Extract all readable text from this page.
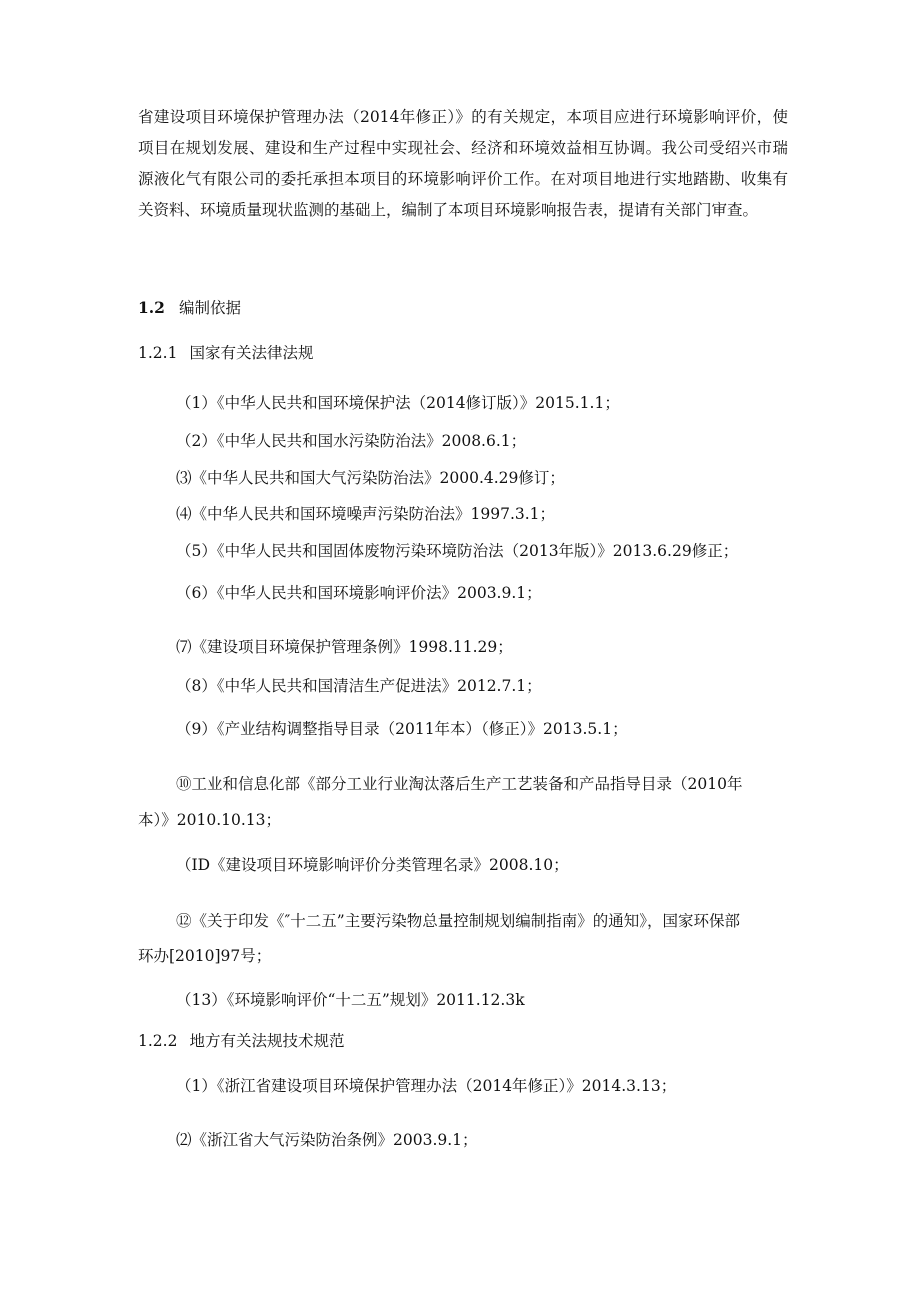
省建设项目环境保护管理办法（2014年修正）》的有关规定，本项目应进行环境影响评价，使项目在规划发展、建设和生产过程中实现社会、经济和环境效益相互协调。我公司受绍兴市瑞源液化气有限公司的委托承担本项目的环境影响评价工作。在对项目地进行实地踏勘、收集有关资料、环境质量现状监测的基础上，编制了本项目环境影响报告表，提请有关部门审查。
1.2 编制依据
1.2.1 国家有关法律法规
（1）《中华人民共和国环境保护法（2014修订版）》2015.1.1；
（2）《中华人民共和国水污染防治法》2008.6.1；
⑶《中华人民共和国大气污染防治法》2000.4.29修订；
⑷《中华人民共和国环境噪声污染防治法》1997.3.1；
（5）《中华人民共和国固体废物污染环境防治法（2013年版）》2013.6.29修正；
（6）《中华人民共和国环境影响评价法》2003.9.1；
⑺《建设项目环境保护管理条例》1998.11.29；
（8）《中华人民共和国清洁生产促进法》2012.7.1；
（9）《产业结构调整指导目录（2011年本）（修正）》2013.5.1；
⑩工业和信息化部《部分工业行业淘汰落后生产工艺装备和产品指导目录（2010年
本）》2010.10.13；
（ID《建设项目环境影响评价分类管理名录》2008.10；
⑫《关于印发《″十二五”主要污染物总量控制规划编制指南》的通知》，国家环保部
环办[2010]97号；
（13）《环境影响评价“十二五”规划》2011.12.3k
1.2.2 地方有关法规技术规范
（1）《浙江省建设项目环境保护管理办法（2014年修正）》2014.3.13；
⑵《浙江省大气污染防治条例》2003.9.1；
